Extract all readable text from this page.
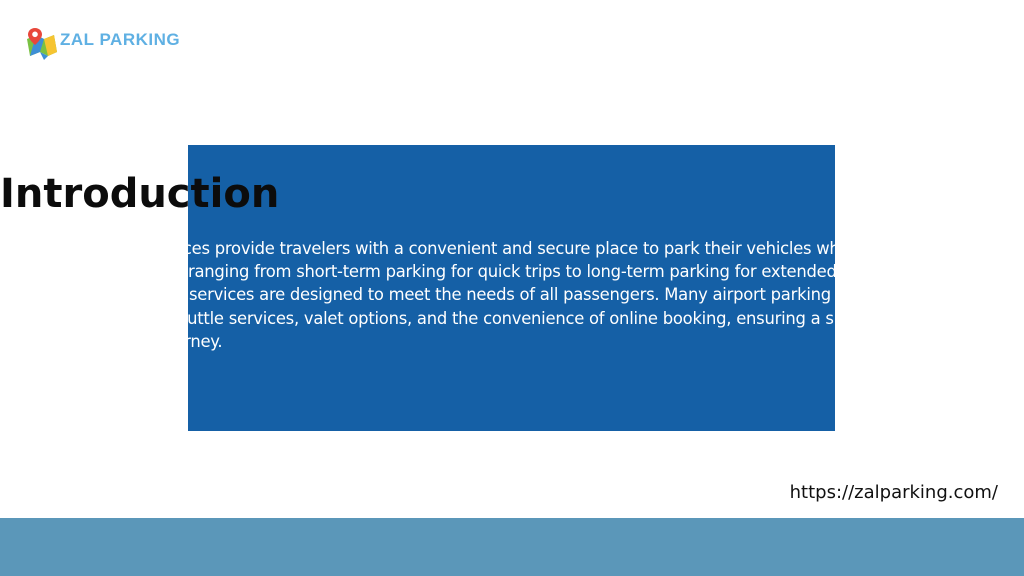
ZAL PARKING
Introduction

Airport parking services provide travelers with a convenient and secure place to park their vehicles while they are away. With various options ranging from short-term parking for quick trips to long-term parking for extended vacations or business trips, these services are designed to meet the needs of all passengers. Many airport parking lots also offer amenities such as shuttle services, valet options, and the convenience of online booking, ensuring a smooth and stress-free start to your journey.

.
https://zalparking.com/
